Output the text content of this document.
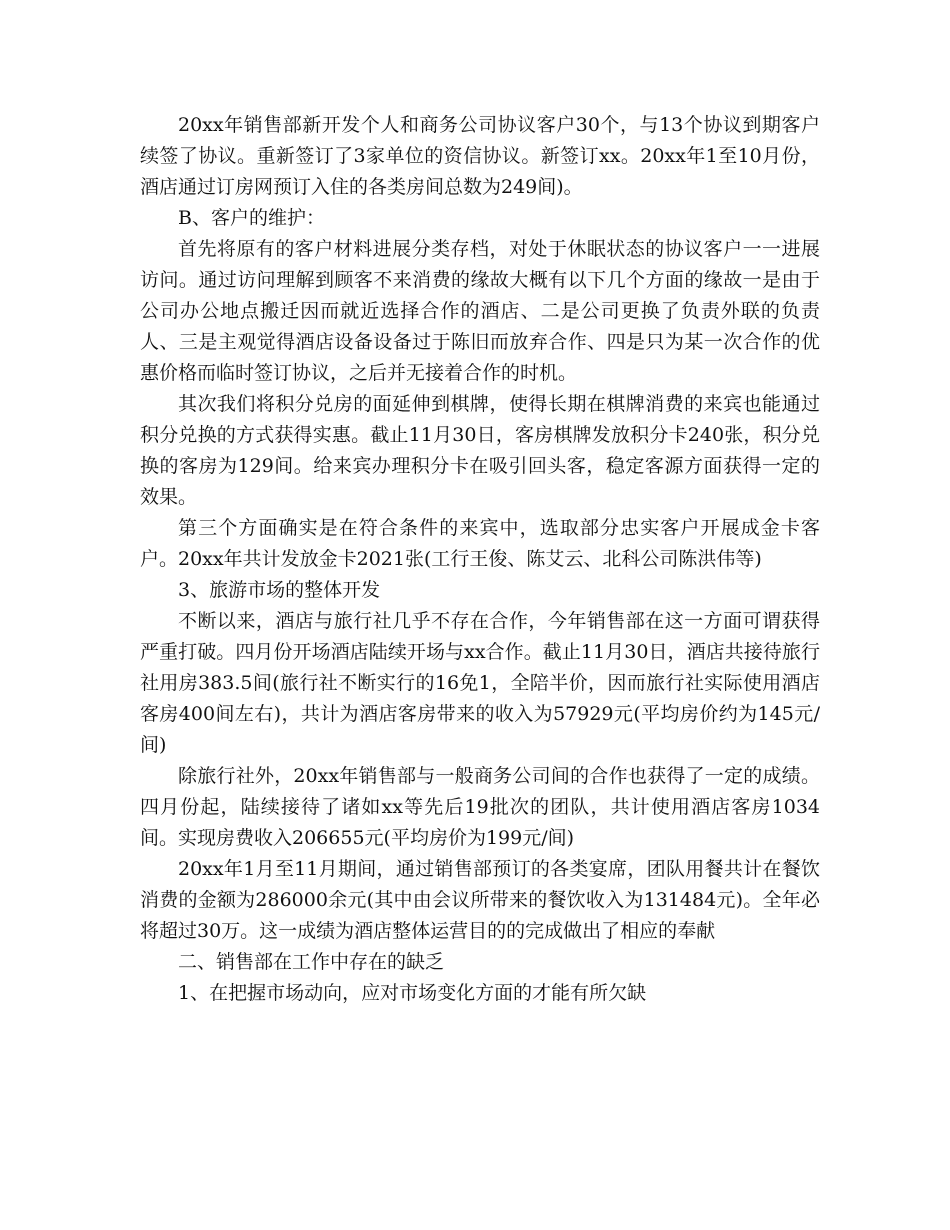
20xx年销售部新开发个人和商务公司协议客户30个，与13个协议到期客户续签了协议。重新签订了3家单位的资信协议。新签订xx。20xx年1至10月份，酒店通过订房网预订入住的各类房间总数为249间)。

B、客户的维护：

首先将原有的客户材料进展分类存档，对处于休眠状态的协议客户一一进展访问。通过访问理解到顾客不来消费的缘故大概有以下几个方面的缘故一是由于公司办公地点搬迁因而就近选择合作的酒店、二是公司更换了负责外联的负责人、三是主观觉得酒店设备设备过于陈旧而放弃合作、四是只为某一次合作的优惠价格而临时签订协议，之后并无接着合作的时机。

其次我们将积分兑房的面延伸到棋牌，使得长期在棋牌消费的来宾也能通过积分兑换的方式获得实惠。截止11月30日，客房棋牌发放积分卡240张，积分兑换的客房为129间。给来宾办理积分卡在吸引回头客，稳定客源方面获得一定的效果。

第三个方面确实是在符合条件的来宾中，选取部分忠实客户开展成金卡客户。20xx年共计发放金卡2021张(工行王俊、陈艾云、北科公司陈洪伟等)

3、旅游市场的整体开发

不断以来，酒店与旅行社几乎不存在合作，今年销售部在这一方面可谓获得严重打破。四月份开场酒店陆续开场与xx合作。截止11月30日，酒店共接待旅行社用房383.5间(旅行社不断实行的16免1，全陪半价，因而旅行社实际使用酒店客房400间左右)，共计为酒店客房带来的收入为57929元(平均房价约为145元/间)

除旅行社外，20xx年销售部与一般商务公司间的合作也获得了一定的成绩。四月份起，陆续接待了诸如xx等先后19批次的团队，共计使用酒店客房1034间。实现房费收入206655元(平均房价为199元/间)

20xx年1月至11月期间，通过销售部预订的各类宴席，团队用餐共计在餐饮消费的金额为286000余元(其中由会议所带来的餐饮收入为131484元)。全年必将超过30万。这一成绩为酒店整体运营目的的完成做出了相应的奉献

二、销售部在工作中存在的缺乏

1、在把握市场动向，应对市场变化方面的才能有所欠缺
